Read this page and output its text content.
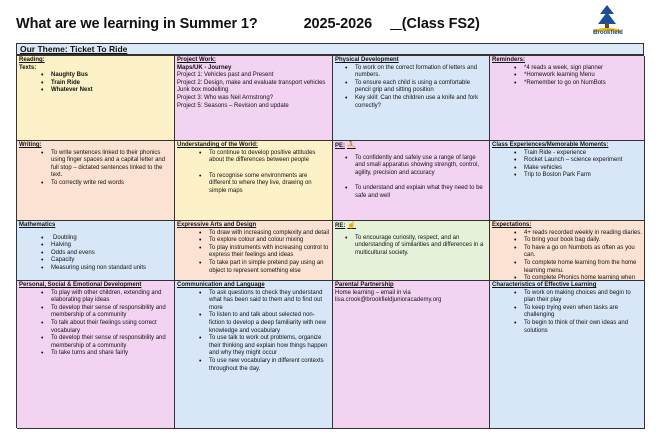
What are we learning in Summer 1?	2025-2026 (Class FS2)
Brookfield
Our Theme: Ticket To Ride
Reading:
Texts:
• Naughty Bus
• Train Ride
• Whatever Next
Project Work:
Maps/UK - Journey
Project 1: Vehicles past and Present
Project 2: Design, make and evaluate transport vehicles Junk box modelling
Project 3: Who was Neil Armstrong?
Project 5: Seasons – Revision and update
Physical Development
• To work on the correct formation of letters and numbers.
• To ensure each child is using a comfortable pencil grip and sitting position
• Key skill: Can the children use a knife and fork correctly?
Reminders:
• *4 reads a week, sign planner
• *Homework learning Menu
• *Remember to go on NumBots
Writing:
• To write sentences linked to their phonics using finger spaces and a capital letter and full stop – dictated sentences linked to the text.
• To correctly write red words
Understanding of the World:
• To continue to develop positive attitudes about the differences between people
• To recognise some environments are different to where they live, drawing on simple maps
PE: ⛹
• To confidently and safely use a range of large and small apparatus showing strength, control, agility, precision and accuracy
• To understand and explain what they need to be safe and well
Class Experiences/Memorable Moments:
• Train Ride - experience
• Rocket Launch – science experiment
• Make vehicles
• Trip to Boston Park Farm
Mathematics
• Doubling
• Halving
• Odds and evens
• Capacity
• Measuring using non standard units
Expressive Arts and Design
• To draw with increasing complexity and detail
• To explore colour and colour mixing
• To play instruments with increasing control to express their feelings and ideas
• To take part in simple pretend pay using an object to represent something else
RE: ☝
• To encourage curiosity, respect, and an understanding of similarities and differences in a multicultural society.
Expectations:
• 4+ reads recorded weekly in reading diaries.
• To bring your book bag daily.
• To have a go on Numbots as often as you can.
• To complete home learning from the home learning menu.
• To complete Phonics home learning when
Personal, Social & Emotional Development
• To play with other children, extending and elaborating play ideas
• To develop their sense of responsibility and membership of a community
• To talk about their feelings using correct vocabulary
• To develop their sense of responsibility and membership of a community
• To take turns and share fairly
Communication and Language
• To ask questions to check they understand what has been said to them and to find out more
• To listen to and talk about selected non-fiction to develop a deep familiarity with new knowledge and vocabulary
• To use talk to work out problems, organize their thinking and explain how things happen and why they might occur
• To use new vocabulary in different contexts throughout the day.
Parental Partnership
Home learning – email in via
lisa.crook@brookfieldjunioracademy.org
Characteristics of Effective Learning
• To work on making choices and begin to plan their play
• To keep trying even when tasks are challenging
• To begin to think of their own ideas and solutions
